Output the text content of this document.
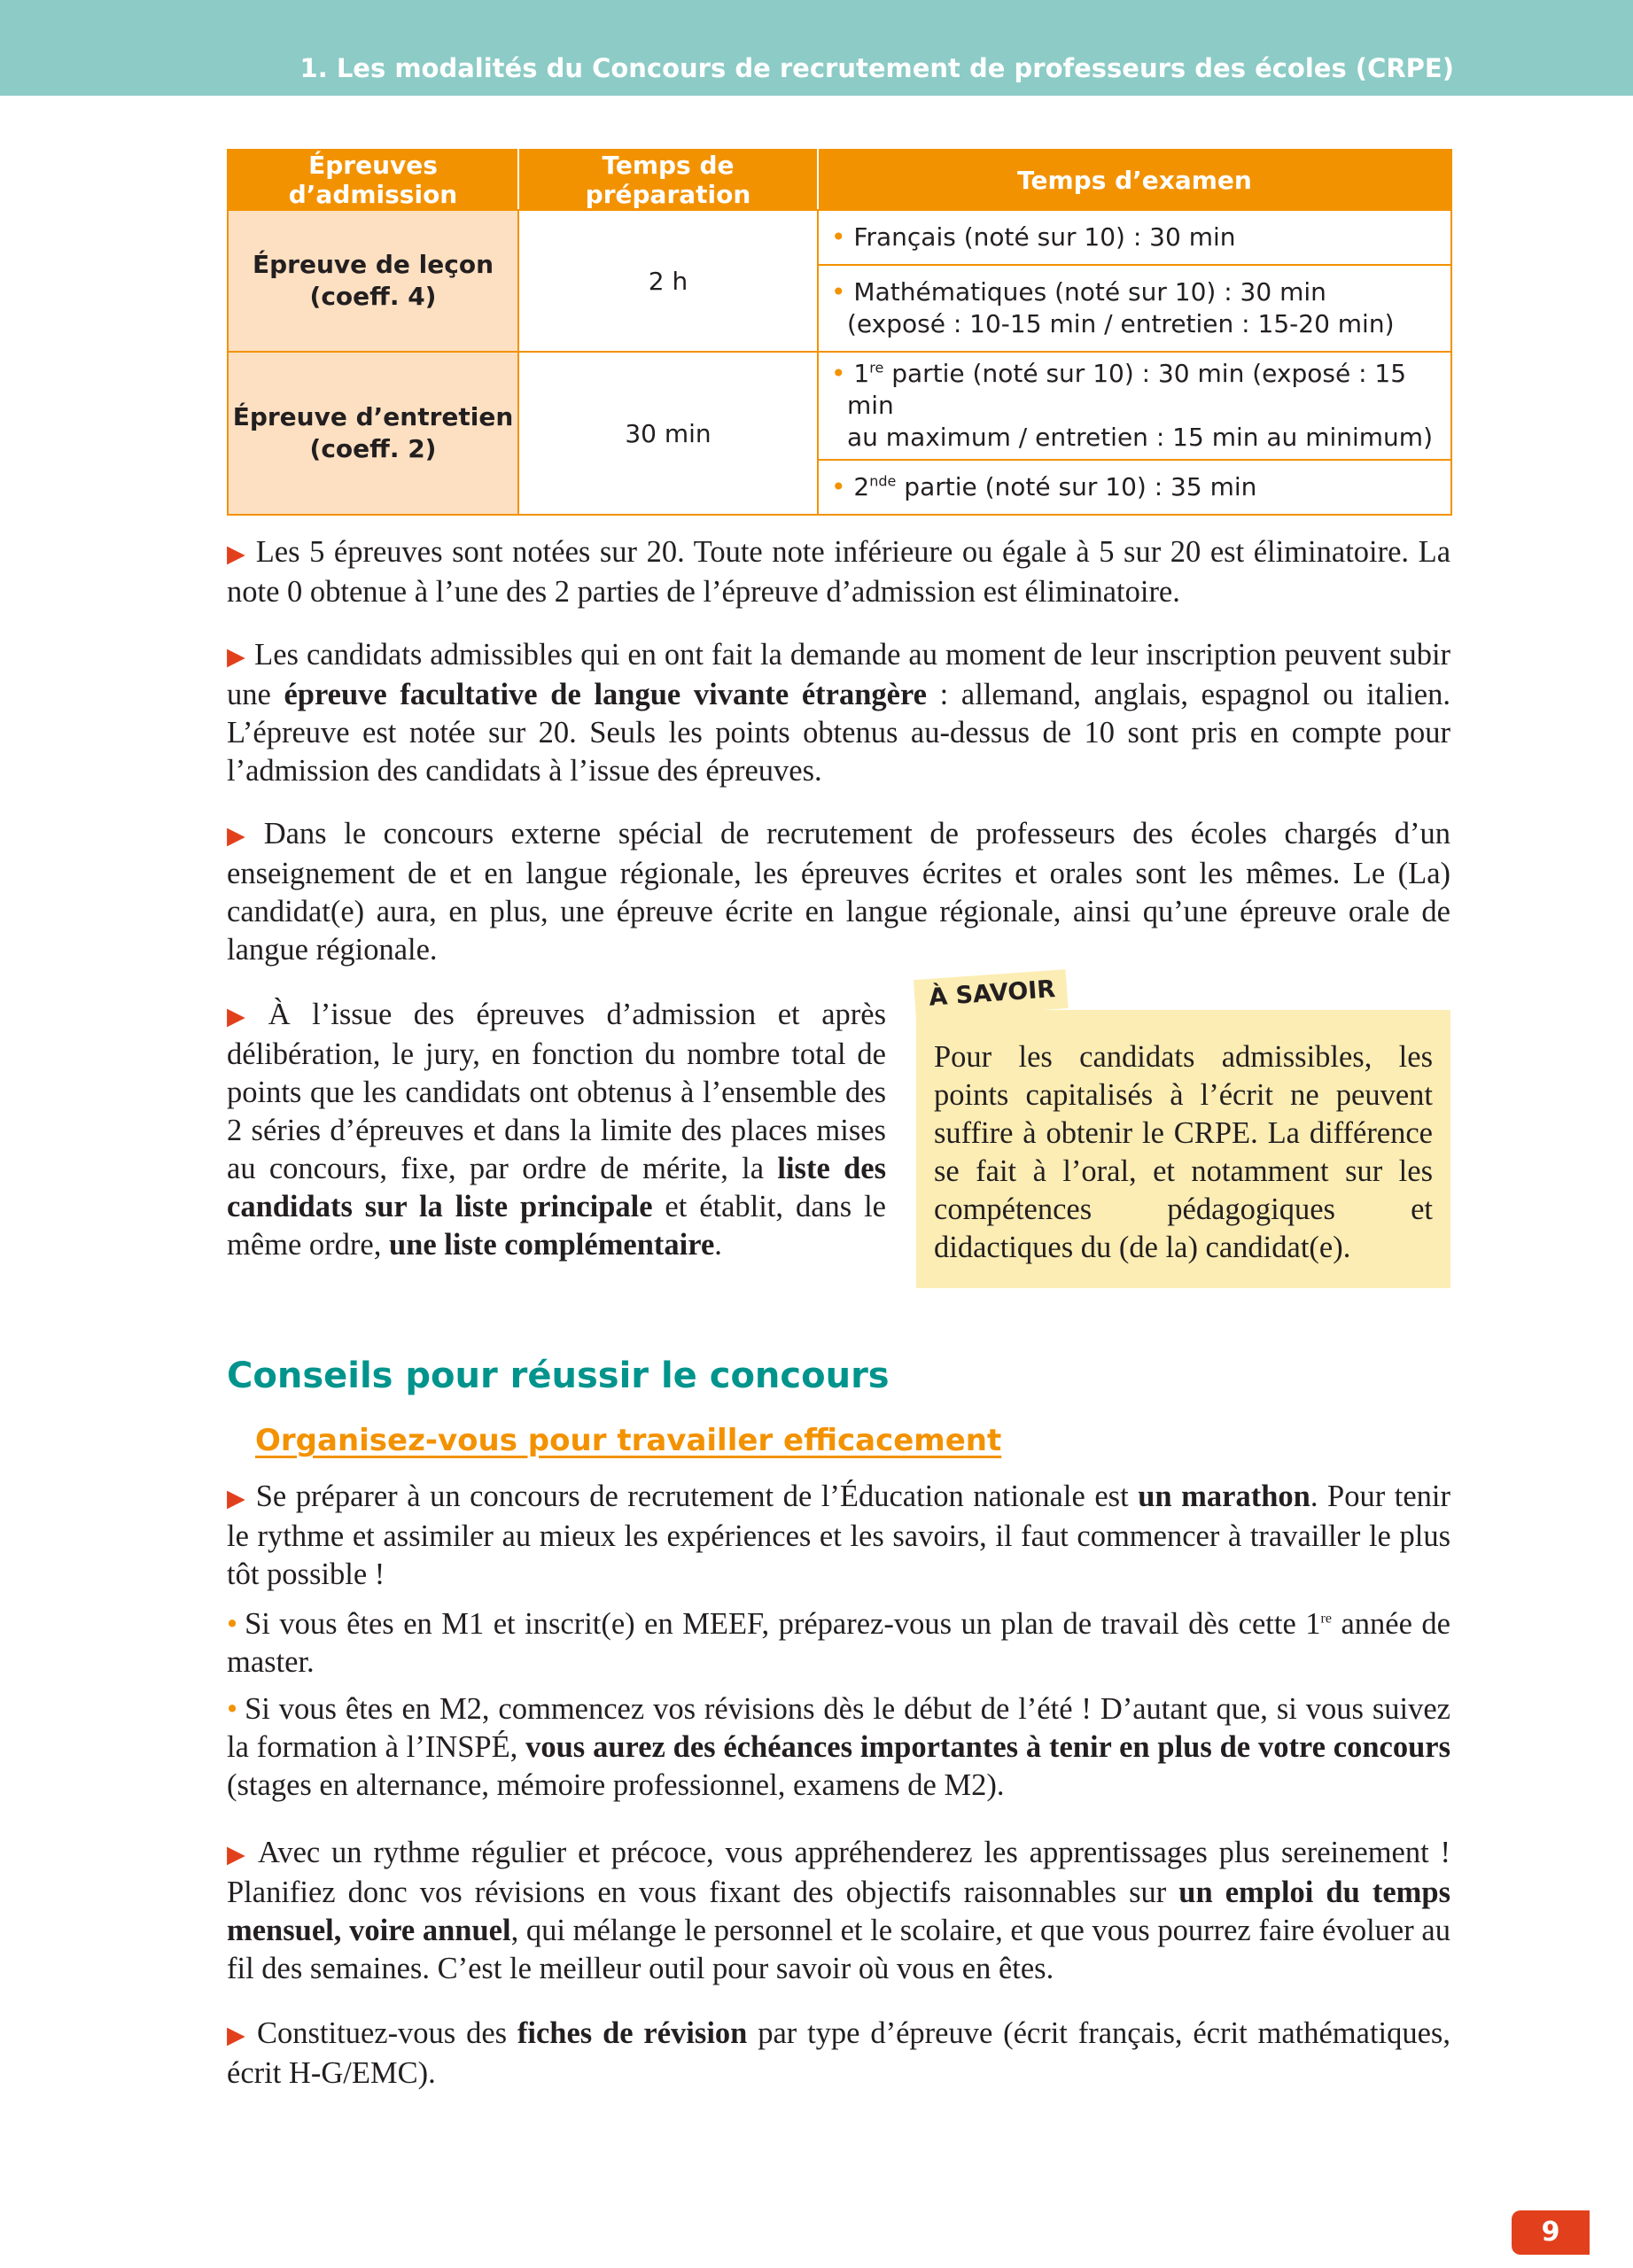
1. Les modalités du Concours de recrutement de professeurs des écoles (CRPE)
Épreuves d’admission	Temps de préparation	Temps d’examen
Épreuve de leçon
(coeff. 4)	2 h	• Français (noté sur 10) : 30 min

		• Mathématiques (noté sur 10) : 30 min
(exposé : 10-15 min / entretien : 15-20 min)

Épreuve d’entretien
(coeff. 2)	30 min	• 1re partie (noté sur 10) : 30 min (exposé : 15 min
au maximum / entretien : 15 min au minimum)

		• 2nde partie (noté sur 10) : 35 min
▶ Les 5 épreuves sont notées sur 20. Toute note inférieure ou égale à 5 sur 20 est éliminatoire. La note 0 obtenue à l’une des 2 parties de l’épreuve d’admission est éliminatoire.
▶ Les candidats admissibles qui en ont fait la demande au moment de leur inscription peuvent subir une épreuve facultative de langue vivante étrangère : allemand, anglais, espagnol ou italien. L’épreuve est notée sur 20. Seuls les points obtenus au-dessus de 10 sont pris en compte pour l’admission des candidats à l’issue des épreuves.
▶ Dans le concours externe spécial de recrutement de professeurs des écoles chargés d’un enseignement de et en langue régionale, les épreuves écrites et orales sont les mêmes. Le (La) candidat(e) aura, en plus, une épreuve écrite en langue régionale, ainsi qu’une épreuve orale de langue régionale.
▶ À l’issue des épreuves d’admission et après délibération, le jury, en fonction du nombre total de points que les candidats ont obtenus à l’ensemble des 2 séries d’épreuves et dans la limite des places mises au concours, fixe, par ordre de mérite, la liste des candidats sur la liste principale et établit, dans le même ordre, une liste complémentaire.
Pour les candidats admissibles, les points capitalisés à l’écrit ne peuvent suffire à obtenir le CRPE. La différence se fait à l’oral, et notamment sur les compétences pédagogiques et didactiques du (de la) candidat(e).
À SAVOIR
Conseils pour réussir le concours
Organisez-vous pour travailler efficacement
▶ Se préparer à un concours de recrutement de l’Éducation nationale est un marathon. Pour tenir le rythme et assimiler au mieux les expériences et les savoirs, il faut commencer à travailler le plus tôt possible !
• Si vous êtes en M1 et inscrit(e) en MEEF, préparez-vous un plan de travail dès cette 1re année de master.
• Si vous êtes en M2, commencez vos révisions dès le début de l’été ! D’autant que, si vous suivez la formation à l’INSPÉ, vous aurez des échéances importantes à tenir en plus de votre concours (stages en alternance, mémoire professionnel, examens de M2).
▶ Avec un rythme régulier et précoce, vous appréhenderez les apprentissages plus sereinement ! Planifiez donc vos révisions en vous fixant des objectifs raisonnables sur un emploi du temps mensuel, voire annuel, qui mélange le personnel et le scolaire, et que vous pourrez faire évoluer au fil des semaines. C’est le meilleur outil pour savoir où vous en êtes.
▶ Constituez-vous des fiches de révision par type d’épreuve (écrit français, écrit mathématiques, écrit H-G/EMC).
9
